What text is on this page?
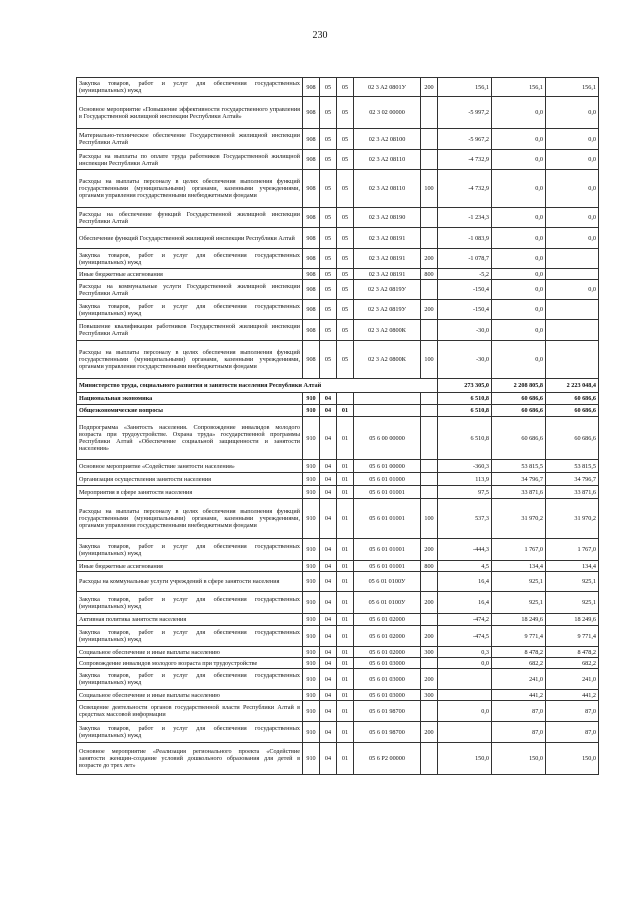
230
Закупка товаров, работ и услуг для обеспечения государственных (муниципальных) нужд	908	05	05	02 3 A2 0801У	200	156,1	156,1	156,1
Основное мероприятие «Повышение эффективности государственного управления в Государственной жилищной инспекции Республики Алтай»	908	05	05	02 3 02 00000		-5 997,2	0,0	0,0
Материально-техническое обеспечение Государственной жилищной инспекции Республики Алтай	908	05	05	02 3 A2 08100		-5 967,2	0,0	0,0
Расходы на выплаты по оплате труда работников Государственной жилищной инспекции Республики Алтай	908	05	05	02 3 A2 08110		-4 732,9	0,0	0,0
Расходы на выплаты персоналу в целях обеспечения выполнения функций государственными (муниципальными) органами, казенными учреждениями, органами управления государственными внебюджетными фондами	908	05	05	02 3 A2 08110	100	-4 732,9	0,0	0,0
Расходы на обеспечение функций Государственной жилищной инспекции Республики Алтай	908	05	05	02 3 A2 08190		-1 234,3	0,0	0,0
Обеспечение функций Государственной жилищной инспекции Республики Алтай	908	05	05	02 3 A2 08191		-1 083,9	0,0	0,0
Закупка товаров, работ и услуг для обеспечения государственных (муниципальных) нужд	908	05	05	02 3 A2 08191	200	-1 078,7	0,0	
Иные бюджетные ассигнования	908	05	05	02 3 A2 08191	800	-5,2	0,0	
Расходы на коммунальные услуги Государственной жилищной инспекции Республики Алтай	908	05	05	02 3 A2 0819У		-150,4	0,0	0,0
Закупка товаров, работ и услуг для обеспечения государственных (муниципальных) нужд	908	05	05	02 3 A2 0819У	200	-150,4	0,0	
Повышение квалификации работников Государственной жилищной инспекции Республики Алтай	908	05	05	02 3 A2 0800К		-30,0	0,0	
Расходы на выплаты персоналу в целях обеспечения выполнения функций государственными (муниципальными) органами, казенными учреждениями, органами управления государственными внебюджетными фондами	908	05	05	02 3 A2 0800К	100	-30,0	0,0	
Министерство труда, социального развития и занятости населения Республики Алтай						273 305,0	2 208 805,8	2 223 048,4
Национальная экономика	910	04				6 510,8	60 686,6	60 686,6
Общеэкономические вопросы	910	04	01			6 510,8	60 686,6	60 686,6
Подпрограмма «Занятость населения. Сопровождение инвалидов молодого возраста при трудоустройстве. Охрана труда» государственной программы Республики Алтай «Обеспечение социальной защищенности и занятости населения»	910	04	01	05 6 00 00000		6 510,8	60 686,6	60 686,6
Основное мероприятие «Содействие занятости населения»	910	04	01	05 6 01 00000		-360,3	53 815,5	53 815,5
Организация осуществления занятости населения	910	04	01	05 6 01 01000		113,9	34 796,7	34 796,7
Мероприятия в сфере занятости населения	910	04	01	05 6 01 01001		97,5	33 871,6	33 871,6
Расходы на выплаты персоналу в целях обеспечения выполнения функций государственными (муниципальными) органами, казенными учреждениями, органами управления государственными внебюджетными фондами	910	04	01	05 6 01 01001	100	537,3	31 970,2	31 970,2
Закупка товаров, работ и услуг для обеспечения государственных (муниципальных) нужд	910	04	01	05 6 01 01001	200	-444,3	1 767,0	1 767,0
Иные бюджетные ассигнования	910	04	01	05 6 01 01001	800	4,5	134,4	134,4
Расходы на коммунальные услуги учреждений в сфере занятости населения	910	04	01	05 6 01 0100У		16,4	925,1	925,1
Закупка товаров, работ и услуг для обеспечения государственных (муниципальных) нужд	910	04	01	05 6 01 0100У	200	16,4	925,1	925,1
Активная политика занятости населения	910	04	01	05 6 01 02000		-474,2	18 249,6	18 249,6
Закупка товаров, работ и услуг для обеспечения государственных (муниципальных) нужд	910	04	01	05 6 01 02000	200	-474,5	9 771,4	9 771,4
Социальное обеспечение и иные выплаты населению	910	04	01	05 6 01 02000	300	0,3	8 478,2	8 478,2
Сопровождение инвалидов молодого возраста при трудоустройстве	910	04	01	05 6 01 03000		0,0	682,2	682,2
Закупка товаров, работ и услуг для обеспечения государственных (муниципальных) нужд	910	04	01	05 6 01 03000	200		241,0	241,0
Социальное обеспечение и иные выплаты населению	910	04	01	05 6 01 03000	300		441,2	441,2
Освещение деятельности органов государственной власти Республики Алтай в средствах массовой информации	910	04	01	05 6 01 98700		0,0	87,0	87,0
Закупка товаров, работ и услуг для обеспечения государственных (муниципальных) нужд	910	04	01	05 6 01 98700	200		87,0	87,0
Основное мероприятие «Реализация регионального проекта «Содействие занятости женщин-создание условий дошкольного образования для детей в возрасте до трех лет»	910	04	01	05 6 P2 00000		150,0	150,0	150,0
